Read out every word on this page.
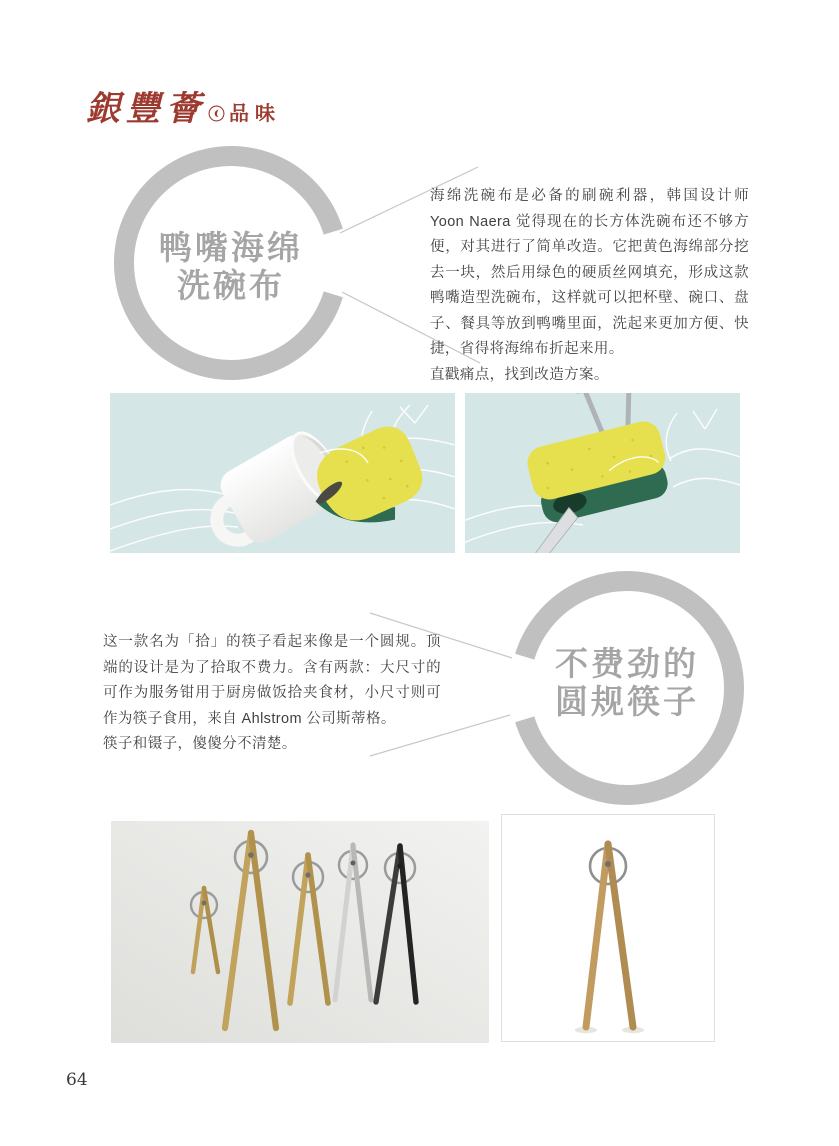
銀豐薈 品味
鸭嘴海绵
洗碗布

海绵洗碗布是必备的刷碗利器，韩国设计师 Yoon Naera 觉得现在的长方体洗碗布还不够方便，对其进行了简单改造。它把黄色海绵部分挖去一块，然后用绿色的硬质丝网填充，形成这款鸭嘴造型洗碗布，这样就可以把杯壁、碗口、盘子、餐具等放到鸭嘴里面，洗起来更加方便、快捷，省得将海绵布折起来用。

直戳痛点，找到改造方案。

这一款名为「拾」的筷子看起来像是一个圆规。顶端的设计是为了拾取不费力。含有两款：大尺寸的可作为服务钳用于厨房做饭拾夹食材，小尺寸则可作为筷子食用，来自 Ahlstrom 公司斯蒂格。

筷子和镊子，傻傻分不清楚。

不费劲的
圆规筷子
64
